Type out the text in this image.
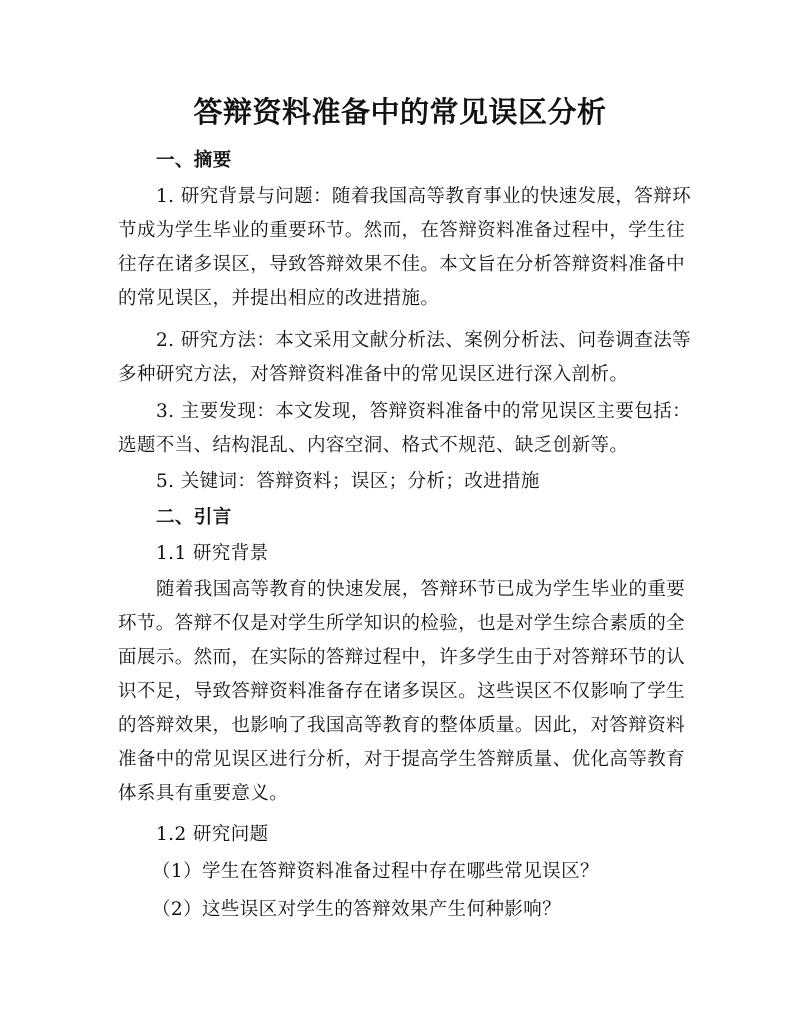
答辩资料准备中的常见误区分析
一、摘要
1. 研究背景与问题：随着我国高等教育事业的快速发展，答辩环
节成为学生毕业的重要环节。然而，在答辩资料准备过程中，学生往
往存在诸多误区，导致答辩效果不佳。本文旨在分析答辩资料准备中
的常见误区，并提出相应的改进措施。
2. 研究方法：本文采用文献分析法、案例分析法、问卷调查法等
多种研究方法，对答辩资料准备中的常见误区进行深入剖析。
3. 主要发现：本文发现，答辩资料准备中的常见误区主要包括：
选题不当、结构混乱、内容空洞、格式不规范、缺乏创新等。
5. 关键词：答辩资料；误区；分析；改进措施
二、引言
1.1 研究背景
随着我国高等教育的快速发展，答辩环节已成为学生毕业的重要
环节。答辩不仅是对学生所学知识的检验，也是对学生综合素质的全
面展示。然而，在实际的答辩过程中，许多学生由于对答辩环节的认
识不足，导致答辩资料准备存在诸多误区。这些误区不仅影响了学生
的答辩效果，也影响了我国高等教育的整体质量。因此，对答辩资料
准备中的常见误区进行分析，对于提高学生答辩质量、优化高等教育
体系具有重要意义。
1.2 研究问题
（1）学生在答辩资料准备过程中存在哪些常见误区？
（2）这些误区对学生的答辩效果产生何种影响？
